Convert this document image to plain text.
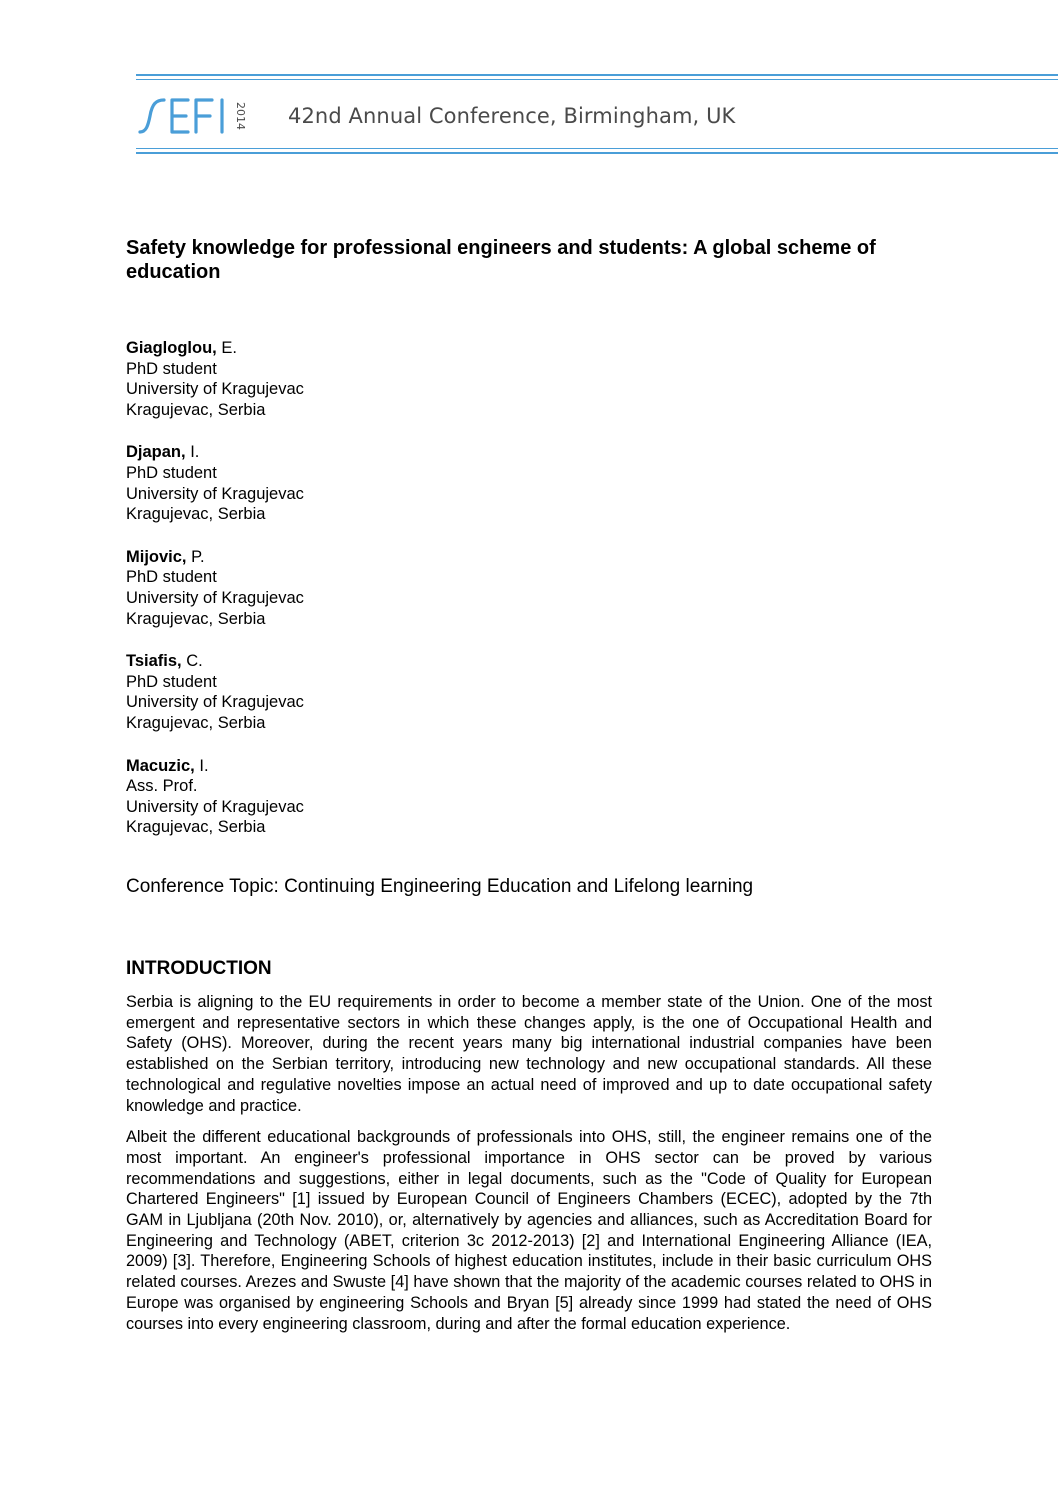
2014 42nd Annual Conference, Birmingham, UK
Safety knowledge for professional engineers and students: A global scheme of education
Giagloglou, E.
PhD student
University of Kragujevac
Kragujevac, Serbia
Djapan, I.
PhD student
University of Kragujevac
Kragujevac, Serbia
Mijovic, P.
PhD student
University of Kragujevac
Kragujevac, Serbia
Tsiafis, C.
PhD student
University of Kragujevac
Kragujevac, Serbia
Macuzic, I.
Ass. Prof.
University of Kragujevac
Kragujevac, Serbia
Conference Topic: Continuing Engineering Education and Lifelong learning
INTRODUCTION

Serbia is aligning to the EU requirements in order to become a member state of the Union. One of the most emergent and representative sectors in which these changes apply, is the one of Occupational Health and Safety (OHS). Moreover, during the recent years many big international industrial companies have been established on the Serbian territory, introducing new technology and new occupational standards. All these technological and regulative novelties impose an actual need of improved and up to date occupational safety knowledge and practice.

Albeit the different educational backgrounds of professionals into OHS, still, the engineer remains one of the most important. An engineer's professional importance in OHS sector can be proved by various recommendations and suggestions, either in legal documents, such as the "Code of Quality for European Chartered Engineers" [1] issued by European Council of Engineers Chambers (ECEC), adopted by the 7th GAM in Ljubljana (20th Nov. 2010), or, alternatively by agencies and alliances, such as Accreditation Board for Engineering and Technology (ABET, criterion 3c 2012-2013) [2] and International Engineering Alliance (IEA, 2009) [3]. Therefore, Engineering Schools of highest education institutes, include in their basic curriculum OHS related courses. Arezes and Swuste [4] have shown that the majority of the academic courses related to OHS in Europe was organised by engineering Schools and Bryan [5] already since 1999 had stated the need of OHS courses into every engineering classroom, during and after the formal education experience.
